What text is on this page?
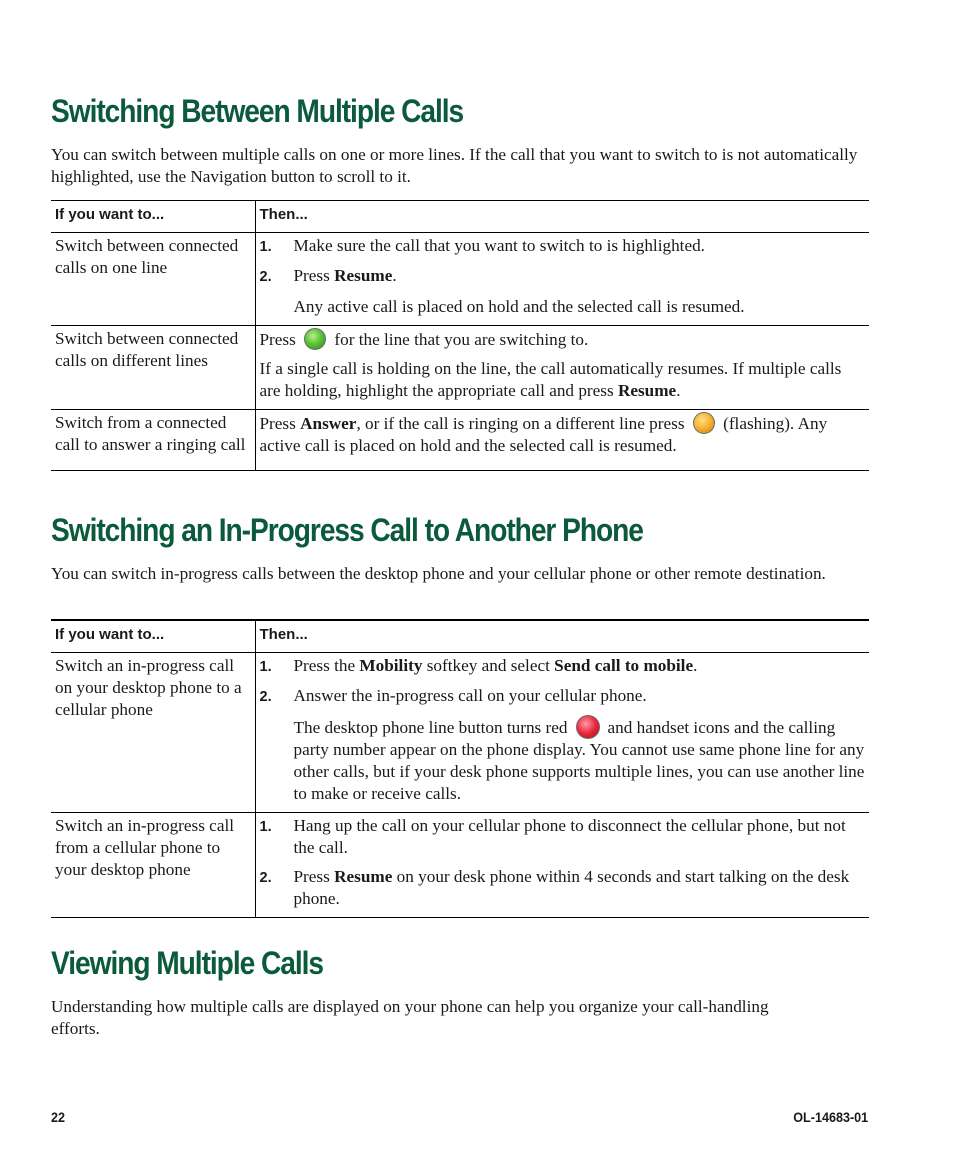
Switching Between Multiple Calls

You can switch between multiple calls on one or more lines. If the call that you want to switch to is not automatically highlighted, use the Navigation button to scroll to it.

If you want to...	Then...
Switch between connected calls on one line	1. Make sure the call that you want to switch to is highlighted.
2. Press Resume.
Any active call is placed on hold and the selected call is resumed.

Switch between connected calls on different lines	Press  for the line that you are switching to.
If a single call is holding on the line, the call automatically resumes. If multiple calls are holding, highlight the appropriate call and press Resume.

Switch from a connected call to answer a ringing call	Press Answer, or if the call is ringing on a different line press  (flashing). Any active call is placed on hold and the selected call is resumed.
Switching an In-Progress Call to Another Phone

You can switch in-progress calls between the desktop phone and your cellular phone or other remote destination.

If you want to...	Then...
Switch an in-progress call on your desktop phone to a cellular phone	1. Press the Mobility softkey and select Send call to mobile.
2. Answer the in-progress call on your cellular phone.
The desktop phone line button turns red and handset icons and the calling party number appear on the phone display. You cannot use same phone line for any other calls, but if your desk phone supports multiple lines, you can use another line to make or receive calls.

Switch an in-progress call from a cellular phone to your desktop phone	1. Hang up the call on your cellular phone to disconnect the cellular phone, but not the call.
2. Press Resume on your desk phone within 4 seconds and start talking on the desk phone.
Viewing Multiple Calls

Understanding how multiple calls are displayed on your phone can help you organize your call-handling efforts.

22	OL-14683-01
